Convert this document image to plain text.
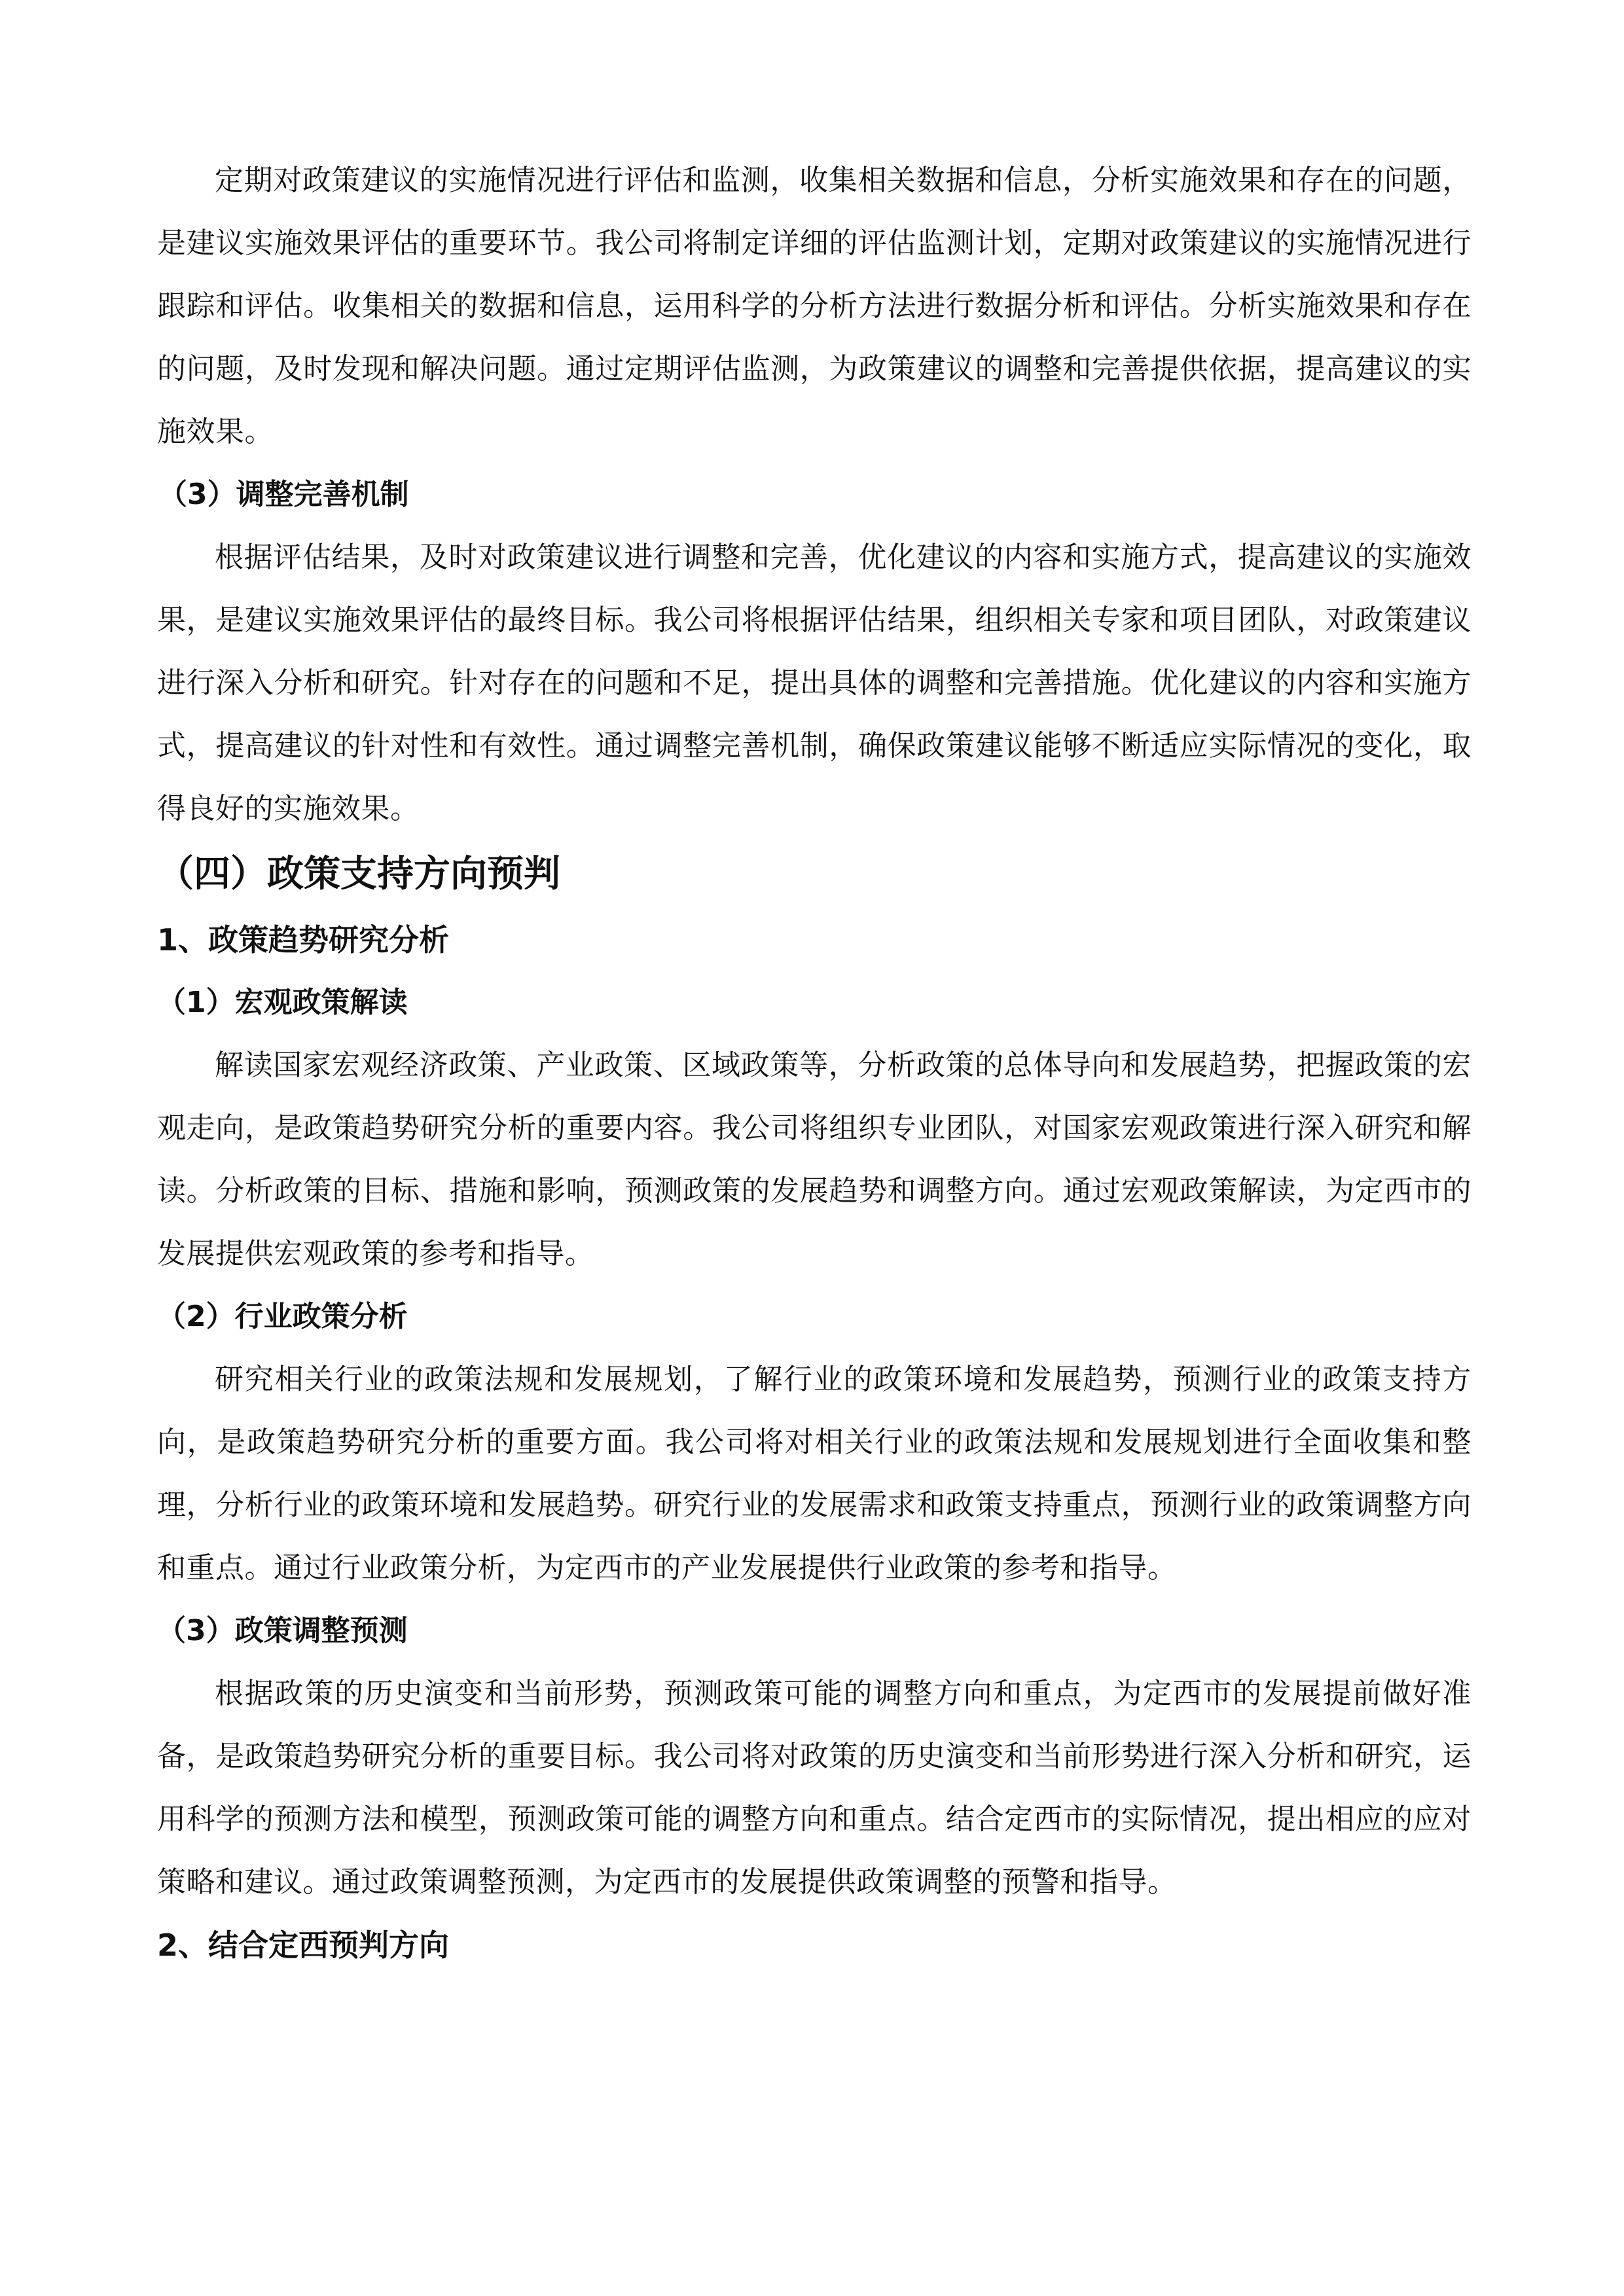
定期对政策建议的实施情况进行评估和监测，收集相关数据和信息，分析实施效果和存在的问题，是建议实施效果评估的重要环节。我公司将制定详细的评估监测计划，定期对政策建议的实施情况进行跟踪和评估。收集相关的数据和信息，运用科学的分析方法进行数据分析和评估。分析实施效果和存在的问题，及时发现和解决问题。通过定期评估监测，为政策建议的调整和完善提供依据，提高建议的实施效果。

（3）调整完善机制

根据评估结果，及时对政策建议进行调整和完善，优化建议的内容和实施方式，提高建议的实施效果，是建议实施效果评估的最终目标。我公司将根据评估结果，组织相关专家和项目团队，对政策建议进行深入分析和研究。针对存在的问题和不足，提出具体的调整和完善措施。优化建议的内容和实施方式，提高建议的针对性和有效性。通过调整完善机制，确保政策建议能够不断适应实际情况的变化，取得良好的实施效果。

（四）政策支持方向预判
1、政策趋势研究分析
（1）宏观政策解读

解读国家宏观经济政策、产业政策、区域政策等，分析政策的总体导向和发展趋势，把握政策的宏观走向，是政策趋势研究分析的重要内容。我公司将组织专业团队，对国家宏观政策进行深入研究和解读。分析政策的目标、措施和影响，预测政策的发展趋势和调整方向。通过宏观政策解读，为定西市的发展提供宏观政策的参考和指导。

（2）行业政策分析

研究相关行业的政策法规和发展规划，了解行业的政策环境和发展趋势，预测行业的政策支持方向，是政策趋势研究分析的重要方面。我公司将对相关行业的政策法规和发展规划进行全面收集和整理，分析行业的政策环境和发展趋势。研究行业的发展需求和政策支持重点，预测行业的政策调整方向和重点。通过行业政策分析，为定西市的产业发展提供行业政策的参考和指导。

（3）政策调整预测

根据政策的历史演变和当前形势，预测政策可能的调整方向和重点，为定西市的发展提前做好准备，是政策趋势研究分析的重要目标。我公司将对政策的历史演变和当前形势进行深入分析和研究，运用科学的预测方法和模型，预测政策可能的调整方向和重点。结合定西市的实际情况，提出相应的应对策略和建议。通过政策调整预测，为定西市的发展提供政策调整的预警和指导。

2、结合定西预判方向
